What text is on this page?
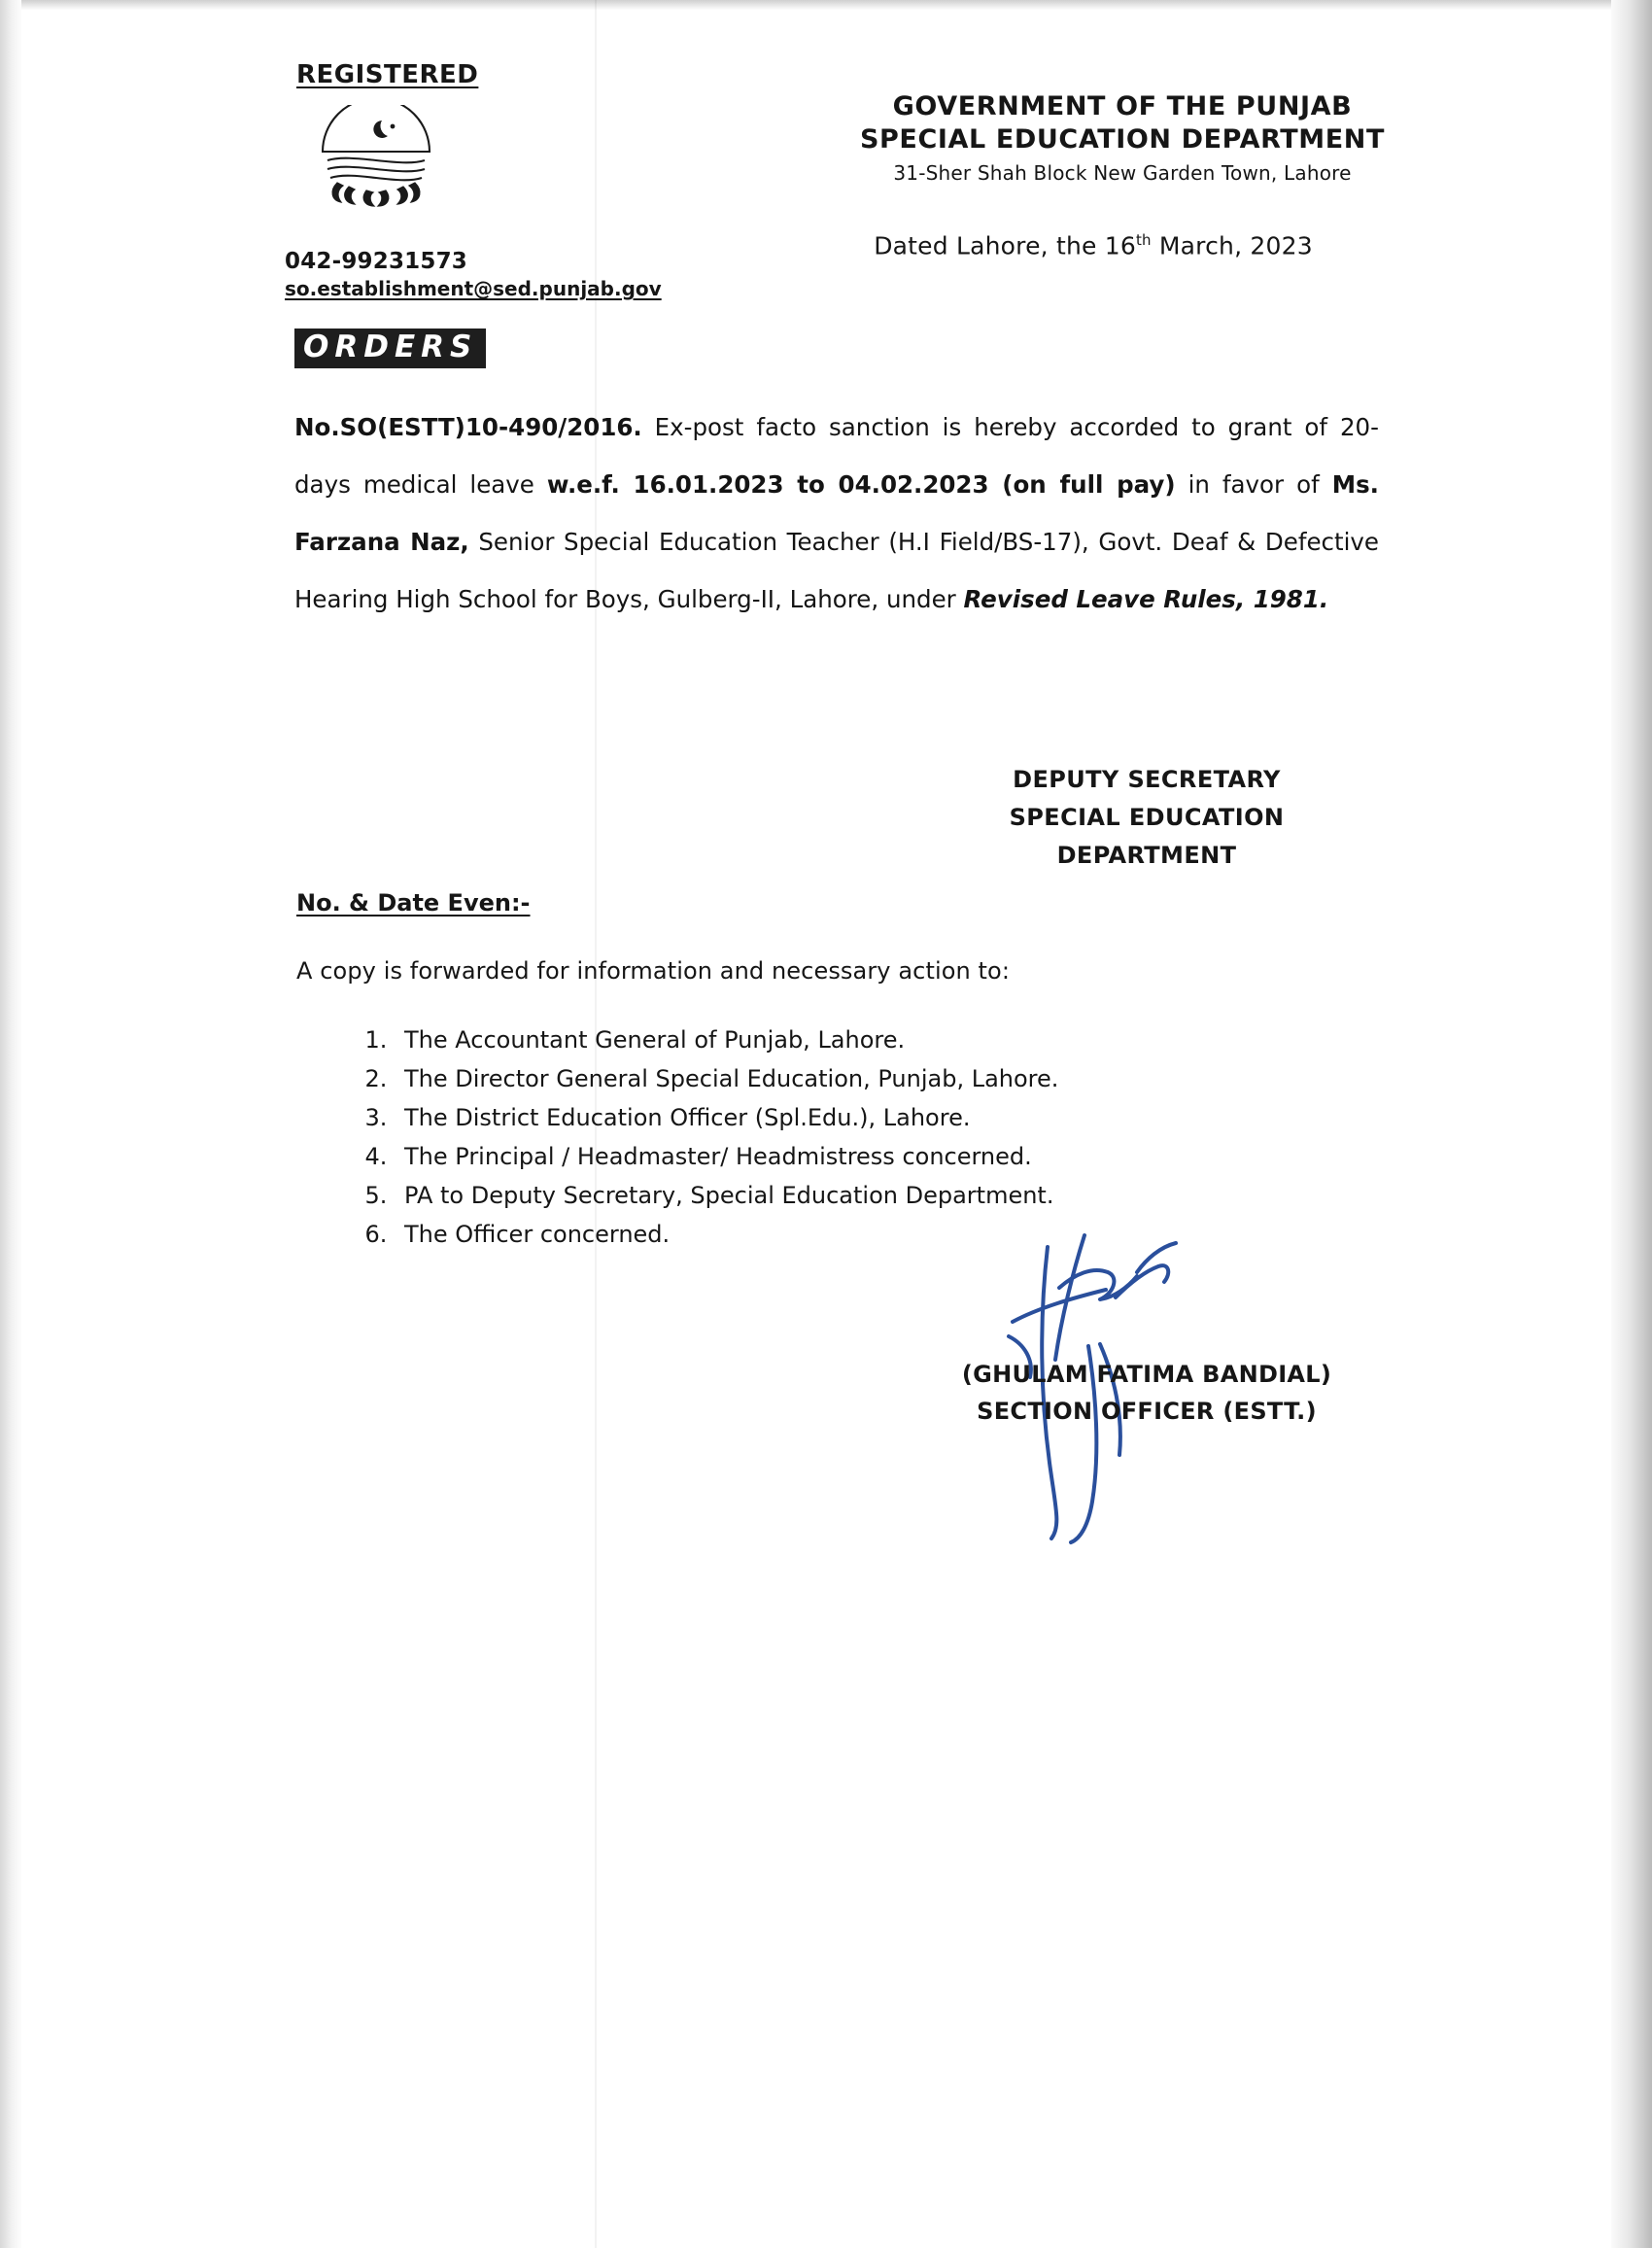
REGISTERED
042-99231573
so.establishment@sed.punjab.gov
GOVERNMENT OF THE PUNJAB
SPECIAL EDUCATION DEPARTMENT
31-Sher Shah Block New Garden Town, Lahore
Dated Lahore, the 16th March, 2023
ORDERS
No.SO(ESTT)10-490/2016. Ex-post facto sanction is hereby accorded to grant of 20-days medical leave w.e.f. 16.01.2023 to 04.02.2023 (on full pay) in favor of Ms. Farzana Naz, Senior Special Education Teacher (H.I Field/BS-17), Govt. Deaf & Defective Hearing High School for Boys, Gulberg-II, Lahore, under Revised Leave Rules, 1981.
DEPUTY SECRETARY
SPECIAL EDUCATION
DEPARTMENT
No. & Date Even:-
A copy is forwarded for information and necessary action to:
1. The Accountant General of Punjab, Lahore.
2. The Director General Special Education, Punjab, Lahore.
3. The District Education Officer (Spl.Edu.), Lahore.
4. The Principal / Headmaster/ Headmistress concerned.
5. PA to Deputy Secretary, Special Education Department.
6. The Officer concerned.
(GHULAM FATIMA BANDIAL)
SECTION OFFICER (ESTT.)
